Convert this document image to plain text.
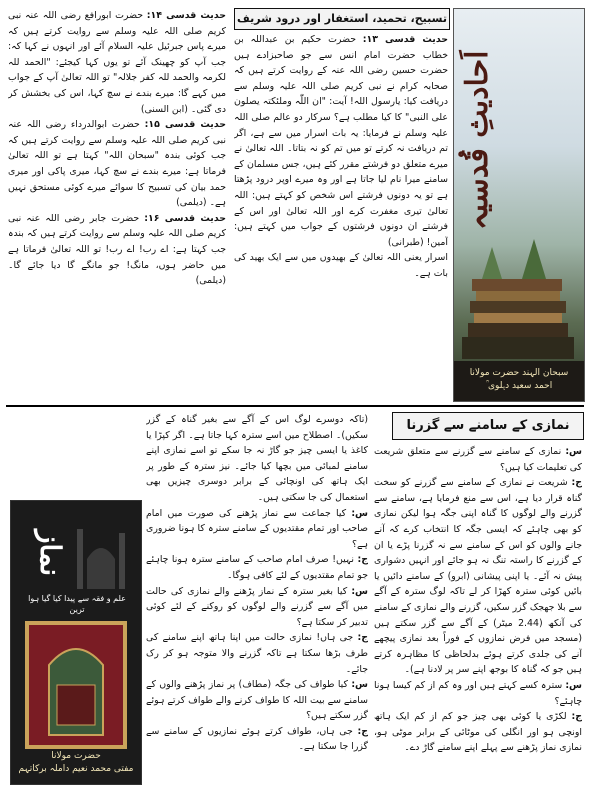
اَحادیثِ قُدسیہ
سبحان الہند حضرت مولانا
احمد سعید دہلوی ؒ
تسبیح، تحمید، استغفار اور درود شریف

حدیث قدسی ۱۳: حضرت حکیم بن عبداللہ بن خطاب حضرت امام انس سے جو صاحبزادے ہیں حضرت حسین رضی اللہ عنہ کے روایت کرتے ہیں کہ صحابہ کرام نے نبی کریم صلی اللہ علیہ وسلم سے دریافت کیا: یارسول اللہ! آیت: "ان اللّٰہ وملئکتہ یصلون علی النبی" کا کیا مطلب ہے؟ سرکار دو عالم صلی اللہ علیہ وسلم نے فرمایا: یہ بات اسرار میں سے ہے، اگر تم دریافت نہ کرتے تو میں تم کو نہ بتاتا۔ اللہ تعالیٰ نے میرے متعلق دو فرشتے مقرر کئے ہیں، جس مسلمان کے سامنے میرا نام لیا جاتا ہے اور وہ میرے اوپر درود پڑھتا ہے تو یہ دونوں فرشتے اس شخص کو کہتے ہیں: اللہ تعالیٰ تیری مغفرت کرے اور اللہ تعالیٰ اور اس کے فرشتے ان دونوں فرشتوں کے جواب میں کہتے ہیں: آمین! (طبرانی)

اسرار یعنی اللہ تعالیٰ کے بھیدوں میں سے ایک بھید کی بات ہے۔

حدیث قدسی ۱۴: حضرت ابورافع رضی اللہ عنہ نبی کریم صلی اللہ علیہ وسلم سے روایت کرتے ہیں کہ میرے پاس جبرئیل علیہ السلام آئے اور انہوں نے کہا کہ: جب آپ کو چھینک آئے تو یوں کہا کیجئے: "الحمد للہ لکرمہ والحمد للہ کفر جلالہ" تو اللہ تعالیٰ آپ کے جواب میں کہے گا: میرے بندے نے سچ کہا، اس کی بخشش کر دی گئی۔ (ابن السنی)

حدیث قدسی ۱۵: حضرت ابوالدرداء رضی اللہ عنہ نبی کریم صلی اللہ علیہ وسلم سے روایت کرتے ہیں کہ جب کوئی بندہ "سبحان اللہ" کہتا ہے تو اللہ تعالیٰ فرماتا ہے: میرے بندے نے سچ کہا، میری پاکی اور میری حمد بیان کی تسبیح کا سوائے میرے کوئی مستحق نہیں ہے۔ (دیلمی)

حدیث قدسی ۱۶: حضرت جابر رضی اللہ عنہ نبی کریم صلی اللہ علیہ وسلم سے روایت کرتے ہیں کہ بندہ جب کہتا ہے: اے رب! اے رب! تو اللہ تعالیٰ فرماتا ہے میں حاضر ہوں، مانگ! جو مانگے گا دیا جائے گا۔ (دیلمی)

نمازی کے سامنے سے گزرنا

س: نمازی کے سامنے سے گزرنے سے متعلق شریعت کی تعلیمات کیا ہیں؟

ج: شریعت نے نمازی کے سامنے سے گزرنے کو سخت گناہ قرار دیا ہے، اس سے منع فرمایا ہے، سامنے سے گزرنے والے لوگوں کا گناہ اپنی جگہ ہوا لیکن نمازی کو بھی چاہئے کہ ایسی جگہ کا انتخاب کرے کہ آنے جانے والوں کو اس کے سامنے سے نہ گزرنا پڑے یا ان کے گزرنے کا راستہ تنگ نہ ہو جائے اور انہیں دشواری پیش نہ آئے۔ یا اپنی پیشانی (ابرو) کے سامنے دائیں یا بائیں کوئی سترہ کھڑا کر لے تاکہ لوگ سترہ کے آگے سے بلا جھجک گزر سکیں، گزرنے والے نمازی کے سامنے کی آنکھ (2.44 میٹر) کے آگے سے گزر سکتے ہیں (مسجد میں فرض نمازوں کے فوراً بعد نمازی پیچھے آنے کی جلدی کرتے ہوئے بدلحاظی کا مظاہرہ کرتے ہیں جو کہ گناہ کا بوجھ اپنے سر پر لادنا ہے)۔

س: سترہ کسے کہتے ہیں اور وہ کم از کم کیسا ہونا چاہئے؟

ج: لکڑی یا کوئی بھی چیز جو کم از کم ایک ہاتھ اونچی ہو اور انگلی کی موٹائی کے برابر موٹی ہو، نمازی نماز پڑھنے سے پہلے اپنے سامنے گاڑ دے۔

(تاکہ دوسرے لوگ اس کے آگے سے بغیر گناہ کے گزر سکیں)۔ اصطلاح میں اسے سترہ کہا جاتا ہے۔ اگر کپڑا یا کاغذ یا ایسی چیز جو گاڑ نہ جا سکے تو اسے نمازی اپنے سامنے لمبائی میں بچھا کیا جائے۔ نیز سترہ کے طور پر ایک ہاتھ کی اونچائی کے برابر دوسری چیزیں بھی استعمال کی جا سکتی ہیں۔

س: کیا جماعت سے نماز پڑھنے کی صورت میں امام صاحب اور تمام مقتدیوں کے سامنے سترہ کا ہونا ضروری ہے؟

ج: نہیں! صرف امام صاحب کے سامنے سترہ ہونا چاہئے جو تمام مقتدیوں کے لئے کافی ہوگا۔

س: کیا بغیر سترہ کے نماز پڑھنے والے نمازی کی حالت میں آگے سے گزرنے والے لوگوں کو روکنے کے لئے کوئی تدبیر کر سکتا ہے؟

ج: جی ہاں! نمازی حالت میں اپنا ہاتھ اپنے سامنے کی طرف بڑھا سکتا ہے تاکہ گزرنے والا متوجہ ہو کر رک جائے۔

س: کیا طواف کی جگہ (مطاف) پر نماز پڑھنے والوں کے سامنے سے بیت اللہ کا طواف کرنے والے طواف کرتے ہوئے گزر سکتے ہیں؟

ج: جی ہاں، طواف کرتے ہوئے نمازیوں کے سامنے سے گزرا جا سکتا ہے۔

نماز
علم و فقہ سے پیدا کیا گیا ہوا ترین
حضرت مولانا
مفتی محمد نعیم داملہ برکاتہم
